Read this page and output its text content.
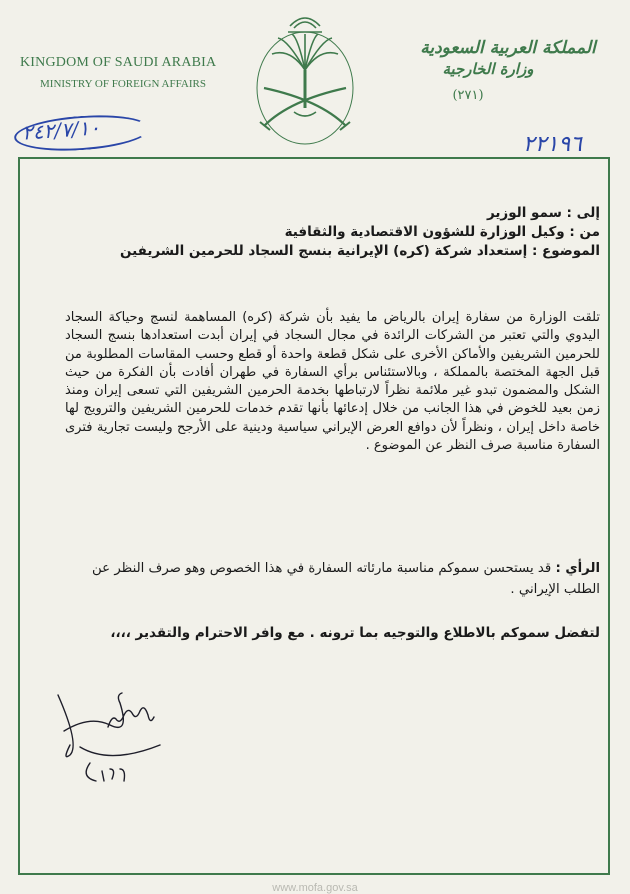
KINGDOM OF SAUDI ARABIA
MINISTRY OF FOREIGN AFFAIRS
المملكة العربية السعودية
وزارة الخارجية
(٢٧١)
٢٤٢/٧/١٠	٢٢١٩٦
إلى : سمو الوزير
من : وكيل الوزارة للشؤون الاقتصادية والثقافية
الموضوع : إستعداد شركة (كره) الإيرانية بنسج السجاد للحرمين الشريفين
تلقت الوزارة من سفارة إيران بالرياض ما يفيد بأن شركة (كره) المساهمة لنسج وحياكة السجاد اليدوي والتي تعتبر من الشركات الرائدة في مجال السجاد في إيران أبدت استعدادها بنسج السجاد للحرمين الشريفين والأماكن الأخرى على شكل قطعة واحدة أو قطع وحسب المقاسات المطلوبة من قبل الجهة المختصة بالمملكة ، وبالاستئناس برأي السفارة في طهران أفادت بأن الفكرة من حيث الشكل والمضمون تبدو غير ملائمة نظراً لارتباطها بخدمة الحرمين الشريفين التي تسعى إيران ومنذ زمن بعيد للخوض في هذا الجانب من خلال إدعائها بأنها تقدم خدمات للحرمين الشريفين والترويج لها خاصة داخل إيران ، ونظراً لأن دوافع العرض الإيراني سياسية ودينية على الأرجح وليست تجارية فترى السفارة مناسبة صرف النظر عن الموضوع .
الرأي : قد يستحسن سموكم مناسبة مارئاته السفارة في هذا الخصوص وهو صرف النظر عن الطلب الإيراني .
لتفضل سموكم بالاطلاع والتوجيه بما ترونه . مع وافر الاحترام والتقدير ،،،،
www.mofa.gov.sa
